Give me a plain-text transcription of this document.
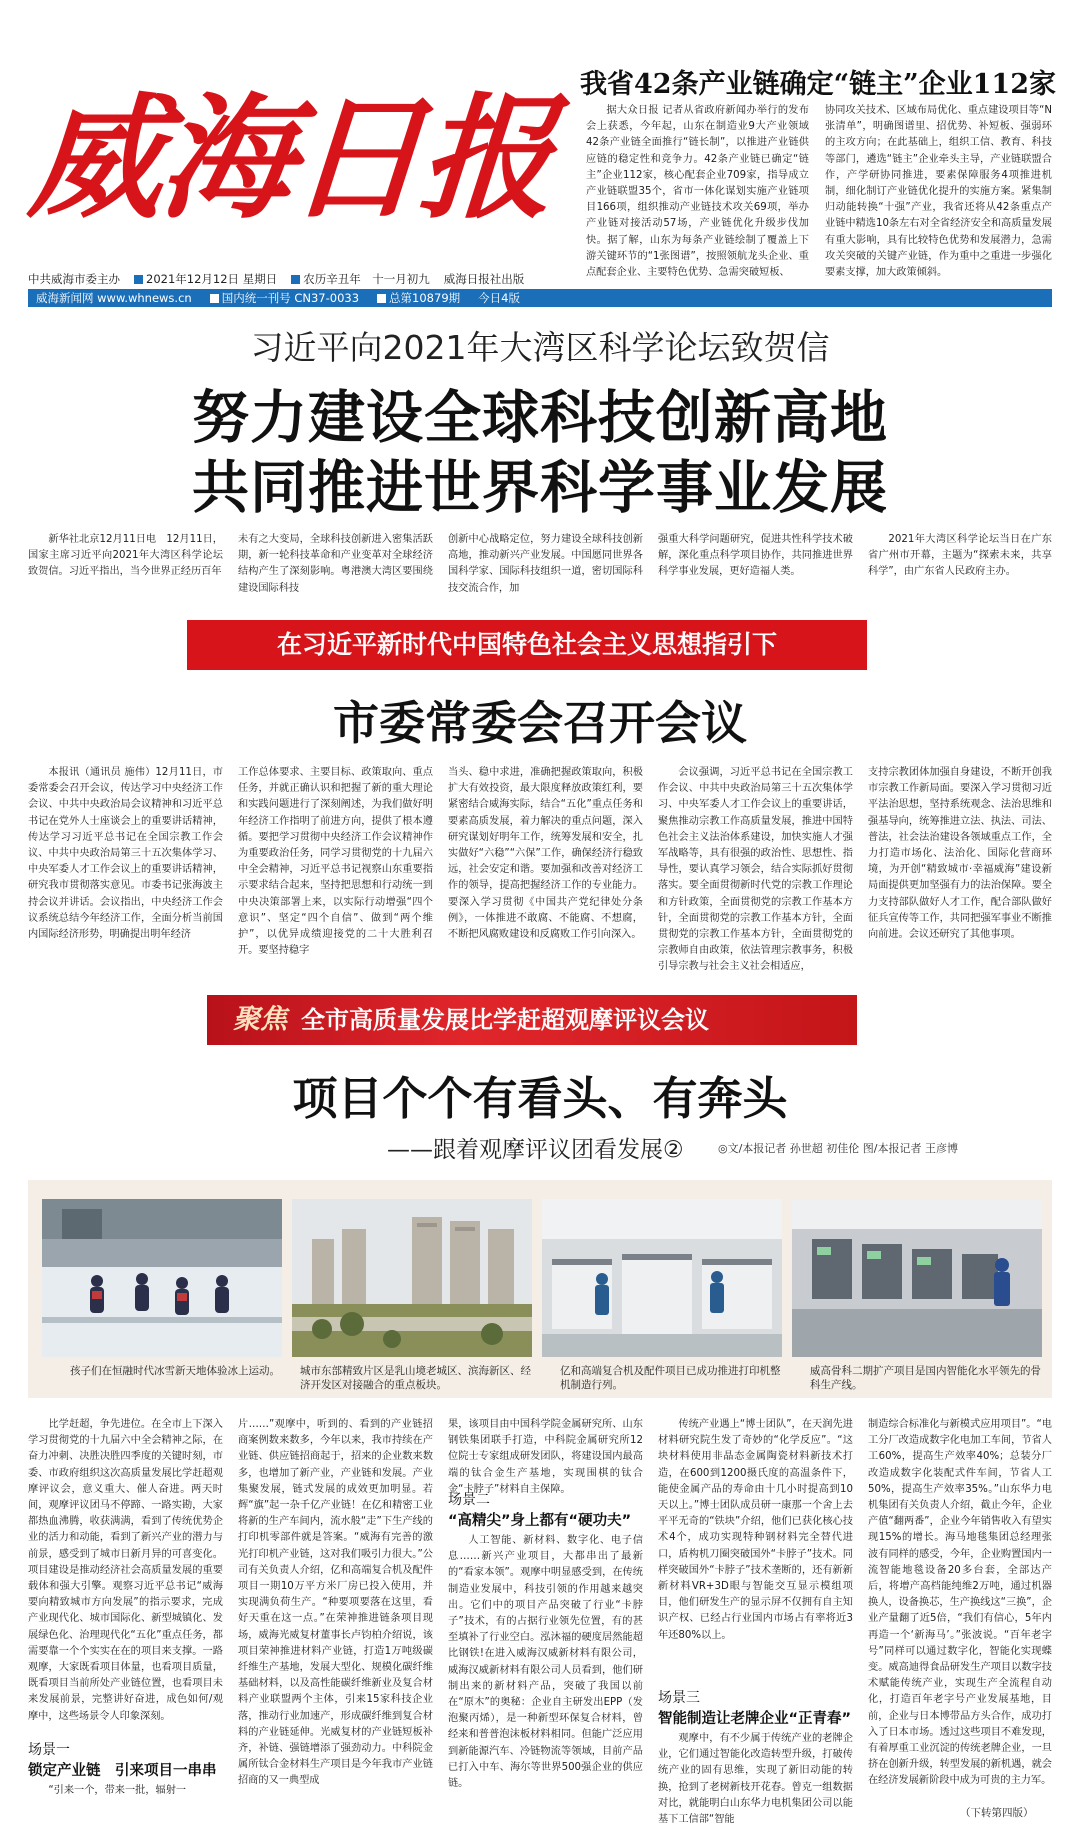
威海日报 我省42条产业链确定“链主”企业112家

据大众日报 记者从省政府新闻办举行的发布会上获悉，今年起，山东在制造业9大产业领域42条产业链全面推行“链长制”，以推进产业链供应链的稳定性和竞争力。42条产业链已确定“链主”企业112家，核心配套企业709家，指导成立产业链联盟35个，省市一体化谋划实施产业链项目166项，组织推动产业链技术攻关69项，举办产业链对接活动57场，产业链优化升级步伐加快。据了解，山东为每条产业链绘制了覆盖上下游关键环节的“1张图谱”，按照领航龙头企业、重点配套企业、主要特色优势、急需突破短板、

协同攻关技术、区域布局优化、重点建设项目等“N张清单”，明确图谱里、招优势、补短板、强弱环的主攻方向；在此基础上，组织工信、教育、科技等部门，遴选“链主”企业牵头主导，产业链联盟合作，产学研协同推进，要素保障服务4项推进机制，细化制订产业链优化提升的实施方案。紧集制归动能转换“十强”产业，我省还将从42条重点产业链中精选10条左右对全省经济安全和高质量发展有重大影响，具有比较特色优势和发展潜力，急需攻关突破的关键产业链，作为重中之重进一步强化要素支撑，加大政策倾斜。
中共威海市委主办	2021年12月12日 星期日	农历辛丑年　十一月初九 威海日报社出版
威海新闻网 www.whnews.cn	国内统一刊号 CN37-0033	总第10879期 今日4版
习近平向2021年大湾区科学论坛致贺信
努力建设全球科技创新高地
共同推进世界科学事业发展

新华社北京12月11日电　12月11日，国家主席习近平向2021年大湾区科学论坛致贺信。习近平指出，当今世界正经历百年

未有之大变局，全球科技创新进入密集活跃期，新一轮科技革命和产业变革对全球经济结构产生了深刻影响。粤港澳大湾区要围绕建设国际科技
创新中心战略定位，努力建设全球科技创新高地，推动新兴产业发展。中国愿同世界各国科学家、国际科技组织一道，密切国际科技交流合作，加
强重大科学问题研究，促进共性科学技术破解，深化重点科学项目协作，共同推进世界科学事业发展，更好造福人类。

2021年大湾区科学论坛当日在广东省广州市开幕，主题为“探索未来，共享科学”，由广东省人民政府主办。

在习近平新时代中国特色社会主义思想指引下
市委常委会召开会议

本报讯（通讯员 施伟）12月11日，市委常委会召开会议，传达学习中央经济工作会议、中共中央政治局会议精神和习近平总书记在党外人士座谈会上的重要讲话精神，传达学习习近平总书记在全国宗教工作会议、中共中央政治局第三十五次集体学习、中央军委人才工作会议上的重要讲话精神，研究我市贯彻落实意见。市委书记张海波主持会议并讲话。会议指出，中央经济工作会议系统总结今年经济工作，全面分析当前国内国际经济形势，明确提出明年经济

工作总体要求、主要目标、政策取向、重点任务，并就正确认识和把握了新的重大理论和实践问题进行了深刻阐述，为我们做好明年经济工作指明了前进方向，提供了根本遵循。要把学习贯彻中央经济工作会议精神作为重要政治任务，同学习贯彻党的十九届六中全会精神，习近平总书记视察山东重要指示要求结合起来，坚持把思想和行动统一到中央决策部署上来，以实际行动增强“四个意识”、坚定“四个自信”、做到“两个维护”，以优异成绩迎接党的二十大胜利召开。要坚持稳字
当头、稳中求进，准确把握政策取向，积极扩大有效投资，最大限度释放政策红利，要紧密结合威海实际，结合“五化”重点任务和要素高质发展，着力解决的重点问题，深入研究谋划好明年工作，统筹发展和安全，扎实做好“六稳”“六保”工作，确保经济行稳致远，社会安定和谐。要加强和改善对经济工作的领导，提高把握经济工作的专业能力。要深入学习贯彻《中国共产党纪律处分条例》，一体推进不敢腐、不能腐、不想腐，不断把风腐败建设和反腐败工作引向深入。

会议强调，习近平总书记在全国宗教工作会议、中共中央政治局第三十五次集体学习、中央军委人才工作会议上的重要讲话，聚焦推动宗教工作高质量发展，推进中国特色社会主义法治体系建设，加快实施人才强军战略等，具有很强的政治性、思想性、指导性，要认真学习领会，结合实际抓好贯彻落实。要全面贯彻新时代党的宗教工作理论和方针政策，全面贯彻党的宗教工作基本方针，全面贯彻党的宗教工作基本方针，全面贯彻党的宗教工作基本方针，全面贯彻党的宗教师自由政策，依法管理宗教事务，积极引导宗教与社会主义社会相适应，

支持宗教团体加强自身建设，不断开创我市宗教工作新局面。要深入学习贯彻习近平法治思想，坚持系统观念、法治思维和强基导向，统筹推进立法、执法、司法、普法，社会法治建设各领域重点工作，全力打造市场化、法治化、国际化营商环境，为开创“精致城市·幸福威海”建设新局面提供更加坚强有力的法治保障。要全力支持部队做好人才工作，配合部队做好征兵宣传等工作，共同把强军事业不断推向前进。会议还研究了其他事项。
聚焦 全市高质量发展比学赶超观摩评议会议
项目个个有看头、有奔头
——跟着观摩评议团看发展②	◎文/本报记者 孙世超 初佳伦 图/本报记者 王彦博
孩子们在恒融时代冰雪新天地体验冰上运动。	城市东部精致片区是乳山境老城区、滨海新区、经济开发区对接融合的重点板块。
亿和高端复合机及配件项目已成功推进打印机整机制造行列。
威高骨科二期扩产项目是国内智能化水平领先的骨科生产线。

比学赶超，争先进位。在全市上下深入学习贯彻党的十九届六中全会精神之际，在奋力冲刺、决胜决胜四季度的关键时刻，市委、市政府组织这次高质量发展比学赶超观摩评议会，意义重大、催人奋进。两天时间，观摩评议团马不停蹄、一路实勘，大家都热血沸腾，收获满满，看到了传统优势企业的活力和动能，看到了新兴产业的潜力与前景，感受到了城市日新月异的可喜变化。项目建设是推动经济社会高质量发展的重要载体和强大引擎。观察习近平总书记“威海要向精致城市方向发展”的指示要求，完成产业现代化、城市国际化、新型城镇化、发展绿色化、治理现代化“五化”重点任务，都需要靠一个个实实在在的项目来支撑。一路观摩，大家既看项目体量，也看项目质量，既看项目当前所处产业链位置，也看项目未来发展前景，完整讲好奋进，成色如何/观摩中，这些场景令人印象深刻。

场景一
锁定产业链　引来项目一串串

“引来一个，带来一批，辐射一

片……”观摩中，听到的、看到的产业链招商案例数来数多，今年以来，我市持续在产业链、供应链招商起于，招来的企业数来数多，也增加了新产业，产业链和发展。产业集聚发展，链式发展的成效更加明显。若辉“旗”起一杂千亿产业链！在亿和精密工业将新的生产车间内，流水般“走”下生产线的打印机零部件就是答案。“威海有完善的激光打印机产业链，这对我们吸引力很大。”公司有关负责人介绍，亿和高端复合机及配件项目一期10万平方米厂房已投入使用，并实现满负荷生产。“种要项要落在这里，看好天重在这一点。”在荣神推进链条项目现场，威海光威复材董事长卢钧柏介绍说，该项目荣神推进材料产业链，打造1万吨级碳纤维生产基地，发展大型化、规模化碳纤维基础材料，以及高性能碳纤维新业及复合材料产业联盟两个主体，引来15家科技企业落，推动行业加速产，形成碳纤维到复合材料的产业链延伸。光威复材的产业链短板补齐，补链、强链增添了强劲动力。中科院金属所钛合金材料生产项目是今年我市产业链招商的又一典型成
果，该项目由中国科学院金属研究所、山东钢铁集团联手打造，中科院金属研究所12位院士专家组成研发团队，将建设国内最高端的钛合金生产基地，实现围棋的钛合金“卡脖子”材料自主保障。
场景二
“高精尖”身上都有“硬功夫”

人工智能、新材料、数字化、电子信息……新兴产业项目，大都串出了最新的“看家本领”。观摩中明显感受到，在传统制造业发展中，科技引领的作用越来越突出。它们中的项目产品突破了行业“卡脖子”技术，有的占据行业领先位置，有的甚至填补了行业空白。泓沐福的硬度居然能超比钢铁!在进入威海汉威新材料有限公司，威海汉威新材料有限公司人员看到，他们研制出来的新材料产品，突破了我国以前在“原木”的奥秘：企业自主研发出EPP（发泡聚丙烯），是一种新型环保复合材料，曾经来和普普泡沫板材料相同。但能广泛应用到新能源汽车、冷链物流等领域，目前产品已打入中车、海尔等世界500强企业的供应链。

传统产业遇上“博士团队”，在天润先进材料研究院生发了奇妙的“化学反应”。“这块材料使用非晶态金属陶瓷材料新技术打造，在600到1200摄氏度的高温条件下，能使金属产品的寿命由十几小时提高到10天以上。”博士团队成员研一康那一个舍上去平平无奇的“铁块”介绍，他们已获化核心技术4个，成功实现特种钢材料完全替代进口，盾构机刀圈突破国外“卡脖子”技术。同样突破国外“卡脖子”技术垄断的，还有新新新材料VR+3D眼与智能交互显示模组项目，他们研发生产的显示屏不仅拥有自主知识产权、已经占行业国内市场占有率将近3年还80%以上。

场景三
智能制造让老牌企业“正青春”

观摩中，有不少属于传统产业的老牌企业，它们通过智能化改造转型升级，打破传统产业的固有思维，实现了新旧动能的转换，抢到了老树新枝开花春。曾克一组数据对比，就能明白山东华力电机集团公司以能基下工信部“智能

制造综合标准化与新模式应用项目”。“电工分厂改造成数字化电加工车间，节省人工60%，提高生产效率40%；总装分厂改造成数字化装配式件车间，节省人工50%，提高生产效率35%。”山东华力电机集团有关负责人介绍，截止今年，企业产值“翻两番”，企业今年销售收入有望实现15%的增长。海马地毯集团总经理张波有同样的感受，今年，企业购置国内一流智能地毯设备20多台套，全部达产后，将增产高档能纯维2万吨，通过机器换人，设备换芯，生产换线这“三换”，企业产量翻了近5倍，“我们有信心，5年内再造一个‘新海马’。”张波说。“百年老字号”同样可以通过数字化，智能化实现蝶变。威高迪得食品研发生产项目以数字技术赋能传统产业，实现生产全流程自动化，打造百年老字号产业发展基地，目前，企业与日本博带品方头合作，成功打入了日本市场。透过这些项目不难发现，有着厚重工业沉淀的传统老牌企业，一旦挤在创新升级，转型发展的新机遇，就会在经济发展新阶段中成为可贵的主力军。
（下转第四版）
